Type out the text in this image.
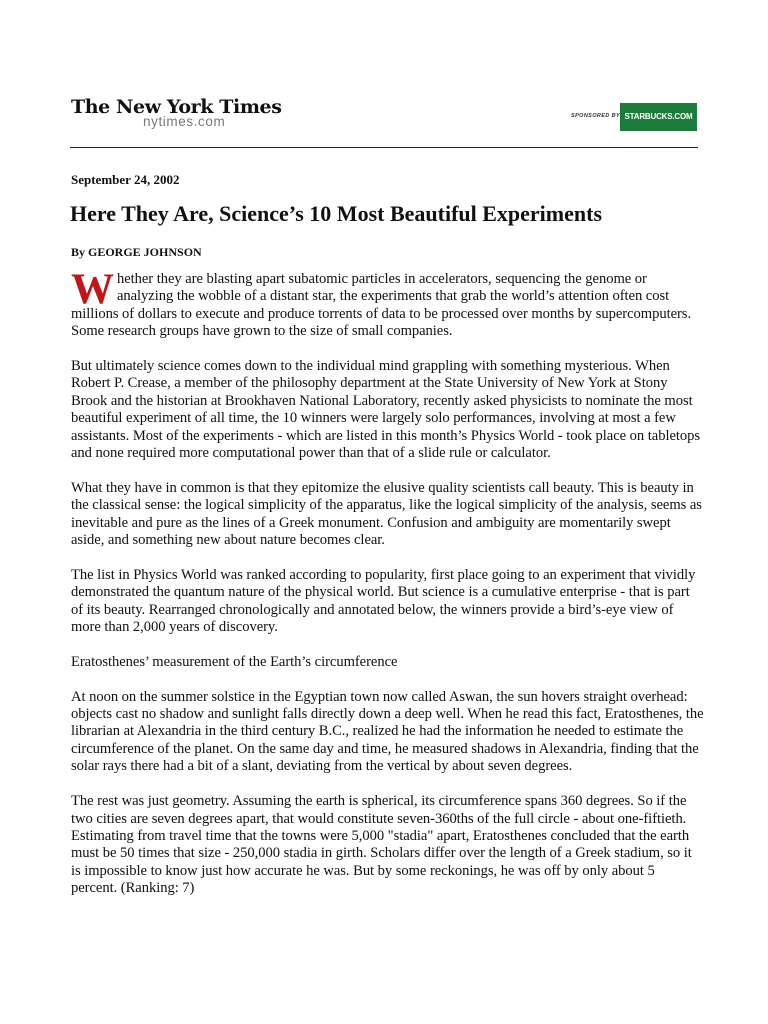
The New York Times
nytimes.com	SPONSORED BY STARBUCKS.COM
September 24, 2002
Here They Are, Science’s 10 Most Beautiful Experiments
By GEORGE JOHNSON

Whether they are blasting apart subatomic particles in accelerators, sequencing the genome or analyzing the wobble of a distant star, the experiments that grab the world’s attention often cost millions of dollars to execute and produce torrents of data to be processed over months by supercomputers. Some research groups have grown to the size of small companies.

But ultimately science comes down to the individual mind grappling with something mysterious. When Robert P. Crease, a member of the philosophy department at the State University of New York at Stony Brook and the historian at Brookhaven National Laboratory, recently asked physicists to nominate the most beautiful experiment of all time, the 10 winners were largely solo performances, involving at most a few assistants. Most of the experiments - which are listed in this month’s Physics World - took place on tabletops and none required more computational power than that of a slide rule or calculator.

What they have in common is that they epitomize the elusive quality scientists call beauty. This is beauty in the classical sense: the logical simplicity of the apparatus, like the logical simplicity of the analysis, seems as inevitable and pure as the lines of a Greek monument. Confusion and ambiguity are momentarily swept aside, and something new about nature becomes clear.

The list in Physics World was ranked according to popularity, first place going to an experiment that vividly demonstrated the quantum nature of the physical world. But science is a cumulative enterprise - that is part of its beauty. Rearranged chronologically and annotated below, the winners provide a bird’s-eye view of more than 2,000 years of discovery.

Eratosthenes’ measurement of the Earth’s circumference

At noon on the summer solstice in the Egyptian town now called Aswan, the sun hovers straight overhead: objects cast no shadow and sunlight falls directly down a deep well. When he read this fact, Eratosthenes, the librarian at Alexandria in the third century B.C., realized he had the information he needed to estimate the circumference of the planet. On the same day and time, he measured shadows in Alexandria, finding that the solar rays there had a bit of a slant, deviating from the vertical by about seven degrees.

The rest was just geometry. Assuming the earth is spherical, its circumference spans 360 degrees. So if the two cities are seven degrees apart, that would constitute seven-360ths of the full circle - about one-fiftieth. Estimating from travel time that the towns were 5,000 "stadia" apart, Eratosthenes concluded that the earth must be 50 times that size - 250,000 stadia in girth. Scholars differ over the length of a Greek stadium, so it is impossible to know just how accurate he was. But by some reckonings, he was off by only about 5 percent. (Ranking: 7)
